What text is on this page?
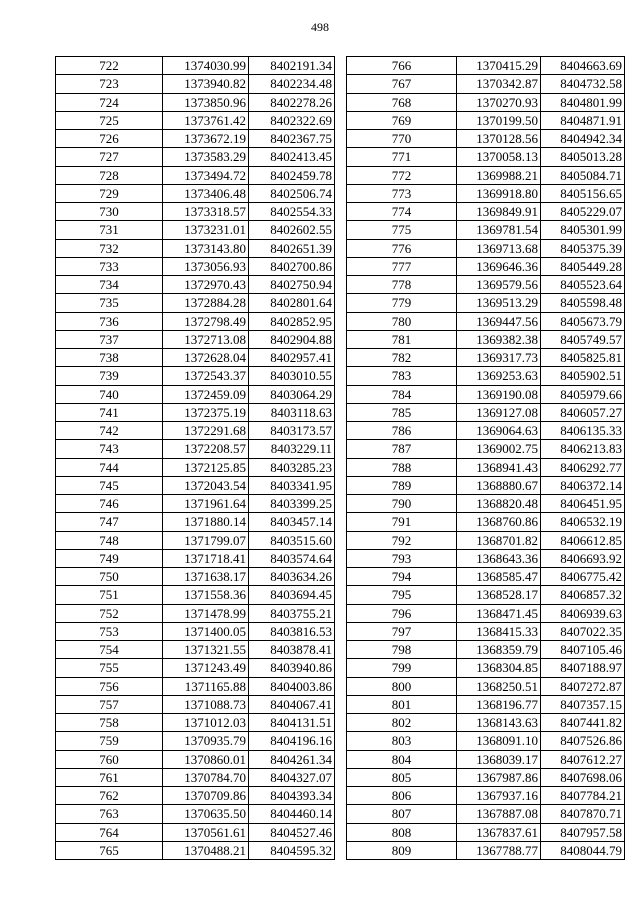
498
722	1374030.99	8402191.34
723	1373940.82	8402234.48
724	1373850.96	8402278.26
725	1373761.42	8402322.69
726	1373672.19	8402367.75
727	1373583.29	8402413.45
728	1373494.72	8402459.78
729	1373406.48	8402506.74
730	1373318.57	8402554.33
731	1373231.01	8402602.55
732	1373143.80	8402651.39
733	1373056.93	8402700.86
734	1372970.43	8402750.94
735	1372884.28	8402801.64
736	1372798.49	8402852.95
737	1372713.08	8402904.88
738	1372628.04	8402957.41
739	1372543.37	8403010.55
740	1372459.09	8403064.29
741	1372375.19	8403118.63
742	1372291.68	8403173.57
743	1372208.57	8403229.11
744	1372125.85	8403285.23
745	1372043.54	8403341.95
746	1371961.64	8403399.25
747	1371880.14	8403457.14
748	1371799.07	8403515.60
749	1371718.41	8403574.64
750	1371638.17	8403634.26
751	1371558.36	8403694.45
752	1371478.99	8403755.21
753	1371400.05	8403816.53
754	1371321.55	8403878.41
755	1371243.49	8403940.86
756	1371165.88	8404003.86
757	1371088.73	8404067.41
758	1371012.03	8404131.51
759	1370935.79	8404196.16
760	1370860.01	8404261.34
761	1370784.70	8404327.07
762	1370709.86	8404393.34
763	1370635.50	8404460.14
764	1370561.61	8404527.46
765	1370488.21	8404595.32
766	1370415.29	8404663.69
767	1370342.87	8404732.58
768	1370270.93	8404801.99
769	1370199.50	8404871.91
770	1370128.56	8404942.34
771	1370058.13	8405013.28
772	1369988.21	8405084.71
773	1369918.80	8405156.65
774	1369849.91	8405229.07
775	1369781.54	8405301.99
776	1369713.68	8405375.39
777	1369646.36	8405449.28
778	1369579.56	8405523.64
779	1369513.29	8405598.48
780	1369447.56	8405673.79
781	1369382.38	8405749.57
782	1369317.73	8405825.81
783	1369253.63	8405902.51
784	1369190.08	8405979.66
785	1369127.08	8406057.27
786	1369064.63	8406135.33
787	1369002.75	8406213.83
788	1368941.43	8406292.77
789	1368880.67	8406372.14
790	1368820.48	8406451.95
791	1368760.86	8406532.19
792	1368701.82	8406612.85
793	1368643.36	8406693.92
794	1368585.47	8406775.42
795	1368528.17	8406857.32
796	1368471.45	8406939.63
797	1368415.33	8407022.35
798	1368359.79	8407105.46
799	1368304.85	8407188.97
800	1368250.51	8407272.87
801	1368196.77	8407357.15
802	1368143.63	8407441.82
803	1368091.10	8407526.86
804	1368039.17	8407612.27
805	1367987.86	8407698.06
806	1367937.16	8407784.21
807	1367887.08	8407870.71
808	1367837.61	8407957.58
809	1367788.77	8408044.79
